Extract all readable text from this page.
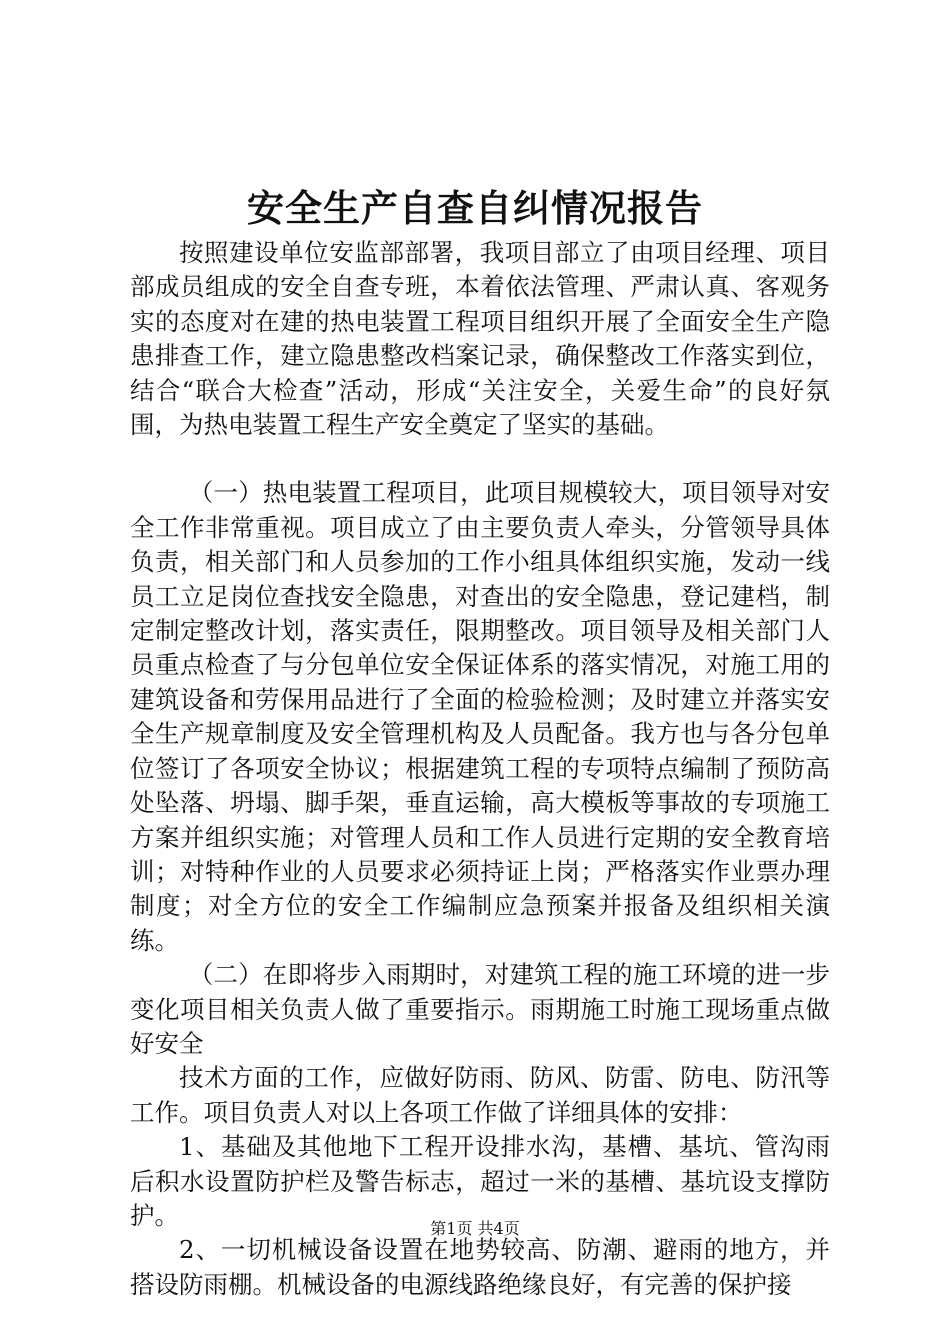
安全生产自查自纠情况报告

按照建设单位安监部部署，我项目部立了由项目经理、项目部成员组成的安全自查专班，本着依法管理、严肃认真、客观务实的态度对在建的热电装置工程项目组织开展了全面安全生产隐患排查工作，建立隐患整改档案记录，确保整改工作落实到位，结合“联合大检查”活动，形成“关注安全，关爱生命”的良好氛围，为热电装置工程生产安全奠定了坚实的基础。

（一）热电装置工程项目，此项目规模较大，项目领导对安全工作非常重视。项目成立了由主要负责人牵头，分管领导具体负责，相关部门和人员参加的工作小组具体组织实施，发动一线员工立足岗位查找安全隐患，对查出的安全隐患，登记建档，制定制定整改计划，落实责任，限期整改。项目领导及相关部门人员重点检查了与分包单位安全保证体系的落实情况，对施工用的建筑设备和劳保用品进行了全面的检验检测；及时建立并落实安全生产规章制度及安全管理机构及人员配备。我方也与各分包单位签订了各项安全协议；根据建筑工程的专项特点编制了预防高处坠落、坍塌、脚手架，垂直运输，高大模板等事故的专项施工方案并组织实施；对管理人员和工作人员进行定期的安全教育培训；对特种作业的人员要求必须持证上岗；严格落实作业票办理制度；对全方位的安全工作编制应急预案并报备及组织相关演练。

（二）在即将步入雨期时，对建筑工程的施工环境的进一步变化项目相关负责人做了重要指示。雨期施工时施工现场重点做好安全

技术方面的工作，应做好防雨、防风、防雷、防电、防汛等工作。项目负责人对以上各项工作做了详细具体的安排：

1、基础及其他地下工程开设排水沟，基槽、基坑、管沟雨后积水设置防护栏及警告标志，超过一米的基槽、基坑设支撑防护。

2、一切机械设备设置在地势较高、防潮、避雨的地方，并搭设防雨棚。机械设备的电源线路绝缘良好，有完善的保护接

第1页 共4页
